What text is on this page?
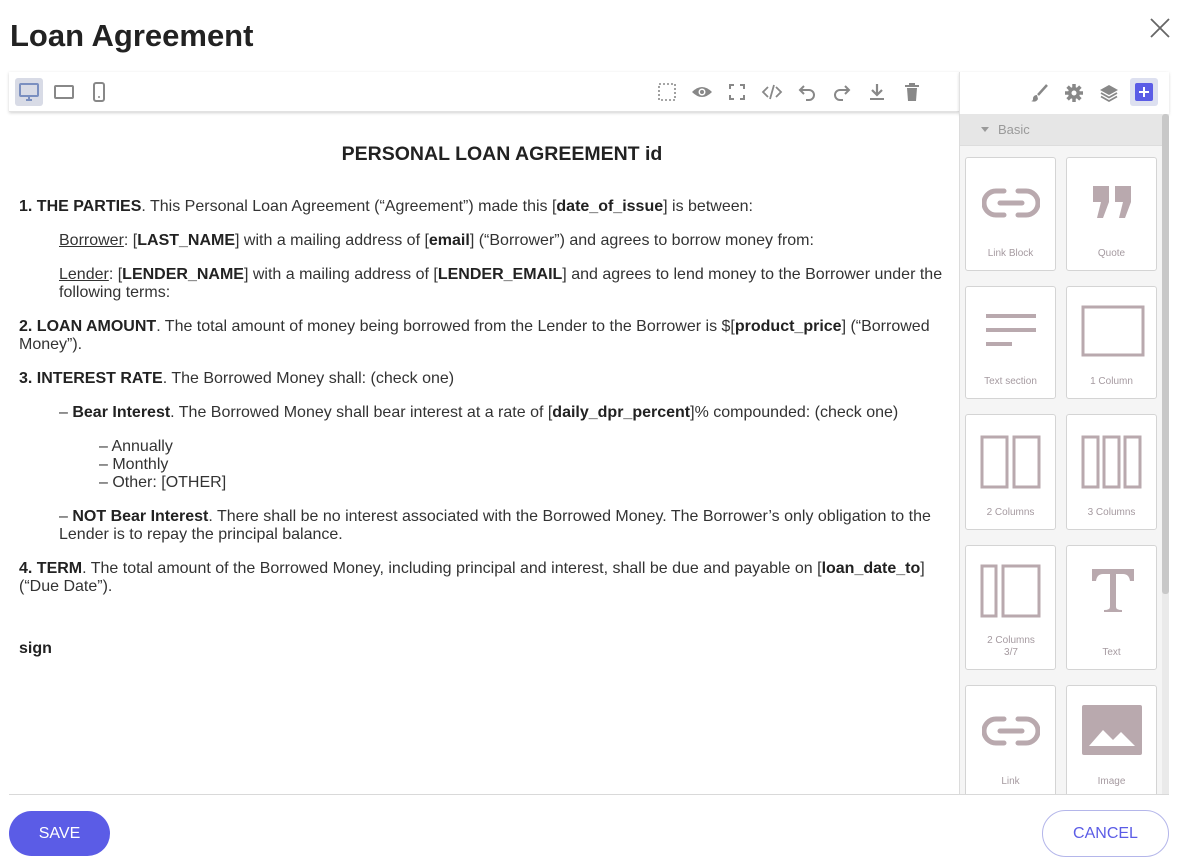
Loan Agreement
Basic
Link Block	Quote
Text section	1 Column
2 Columns	3 Columns
2 Columns 3/7	Text
Link	Image
PERSONAL LOAN AGREEMENT id
1. THE PARTIES. This Personal Loan Agreement (“Agreement”) made this [date_of_issue] is between:
Borrower: [LAST_NAME] with a mailing address of [email] (“Borrower”) and agrees to borrow money from:
Lender: [LENDER_NAME] with a mailing address of [LENDER_EMAIL] and agrees to lend money to the Borrower under the following terms:
2. LOAN AMOUNT. The total amount of money being borrowed from the Lender to the Borrower is $[product_price] (“Borrowed Money”).
3. INTEREST RATE. The Borrowed Money shall: (check one)
– Bear Interest. The Borrowed Money shall bear interest at a rate of [daily_dpr_percent]% compounded: (check one)
– Annually
– Monthly
– Other: [OTHER]
– NOT Bear Interest. There shall be no interest associated with the Borrowed Money. The Borrower’s only obligation to the Lender is to repay the principal balance.
4. TERM. The total amount of the Borrowed Money, including principal and interest, shall be due and payable on [loan_date_to] (“Due Date”).
sign
SAVE	CANCEL
